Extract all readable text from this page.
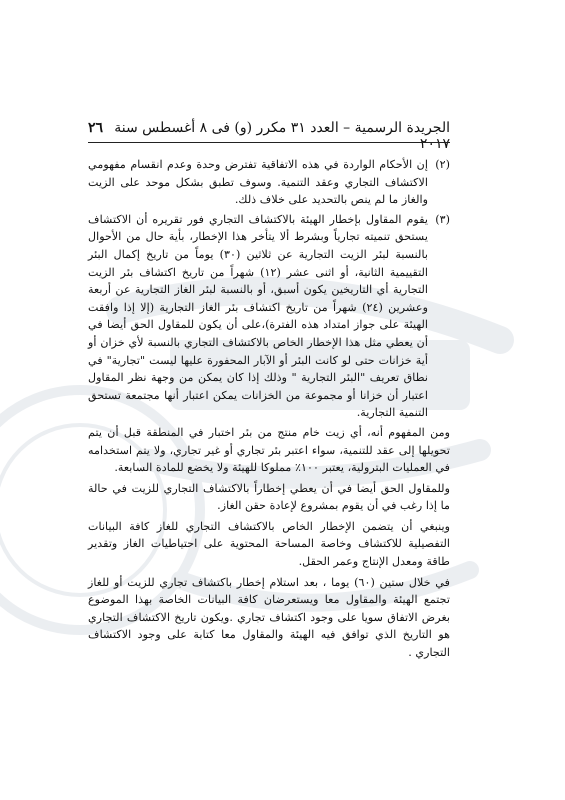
الجريدة الرسمية – العدد ٣١ مكرر (و) فى ٨ أغسطس سنة ٢٠١٧
٢٦
(٢)
إن الأحكام الواردة في هذه الاتفاقية تفترض وحدة وعدم انقسام مفهومي الاكتشاف التجاري وعقد التنمية. وسوف تطبق بشكل موحد على الزيت والغاز ما لم ينص بالتحديد على خلاف ذلك.
(٣)
يقوم المقاول بإخطار الهيئة بالاكتشاف التجاري فور تقريره أن الاكتشاف يستحق تنميته تجارياً وبشرط ألا يتأخر هذا الإخطار، بأية حال من الأحوال بالنسبة لبئر الزيت التجارية عن ثلاثين (٣٠) يوماً من تاريخ إكمال البئر التقييمية الثانية، أو اثنى عشر (١٢) شهراً من تاريخ اكتشاف بئر الزيت التجارية أي التاريخين يكون أسبق، أو بالنسبة لبئر الغاز التجارية عن أربعة وعشرين (٢٤) شهراً من تاريخ اكتشاف بئر الغاز التجارية (إلا إذا وافقت الهيئة على جواز امتداد هذه الفترة)،على أن يكون للمقاول الحق أيضا في أن يعطي مثل هذا الإخطار الخاص بالاكتشاف التجاري بالنسبة لأي خزان أو أية خزانات حتى لو كانت البئر أو الآبار المحفورة عليها ليست "تجارية" في نطاق تعريف "البئر التجارية " وذلك إذا كان يمكن من وجهة نظر المقاول اعتبار أن خزانا أو مجموعة من الخزانات يمكن اعتبار أنها مجتمعة تستحق التنمية التجارية.

ومن المفهوم أنه، أي زيت خام منتج من بئر اختبار في المنطقة قبل أن يتم تحويلها إلى عقد للتنمية، سواء اعتبر بئر تجاري أو غير تجاري، ولا يتم استخدامه في العمليات البترولية، يعتبر ١٠٠٪ مملوكا للهيئة ولا يخضع للمادة السابعة.

وللمقاول الحق أيضا في أن يعطي إخطاراً بالاكتشاف التجاري للزيت في حالة ما إذا رغب في أن يقوم بمشروع لإعادة حقن الغاز.

وينبغي أن يتضمن الإخطار الخاص بالاكتشاف التجاري للغاز كافة البيانات التفصيلية للاكتشاف وخاصة المساحة المحتوية على احتياطيات الغاز وتقدير طاقة ومعدل الإنتاج وعمر الحقل.

في خلال ستين (٦٠) يوما ، بعد استلام إخطار باكتشاف تجاري للزيت أو للغاز تجتمع الهيئة والمقاول معا ويستعرضان كافة البيانات الخاصة بهذا الموضوع بغرض الاتفاق سويا على وجود اكتشاف تجاري .ويكون تاريخ الاكتشاف التجاري هو التاريخ الذي توافق فيه الهيئة والمقاول معا كتابة على وجود الاكتشاف التجاري .
